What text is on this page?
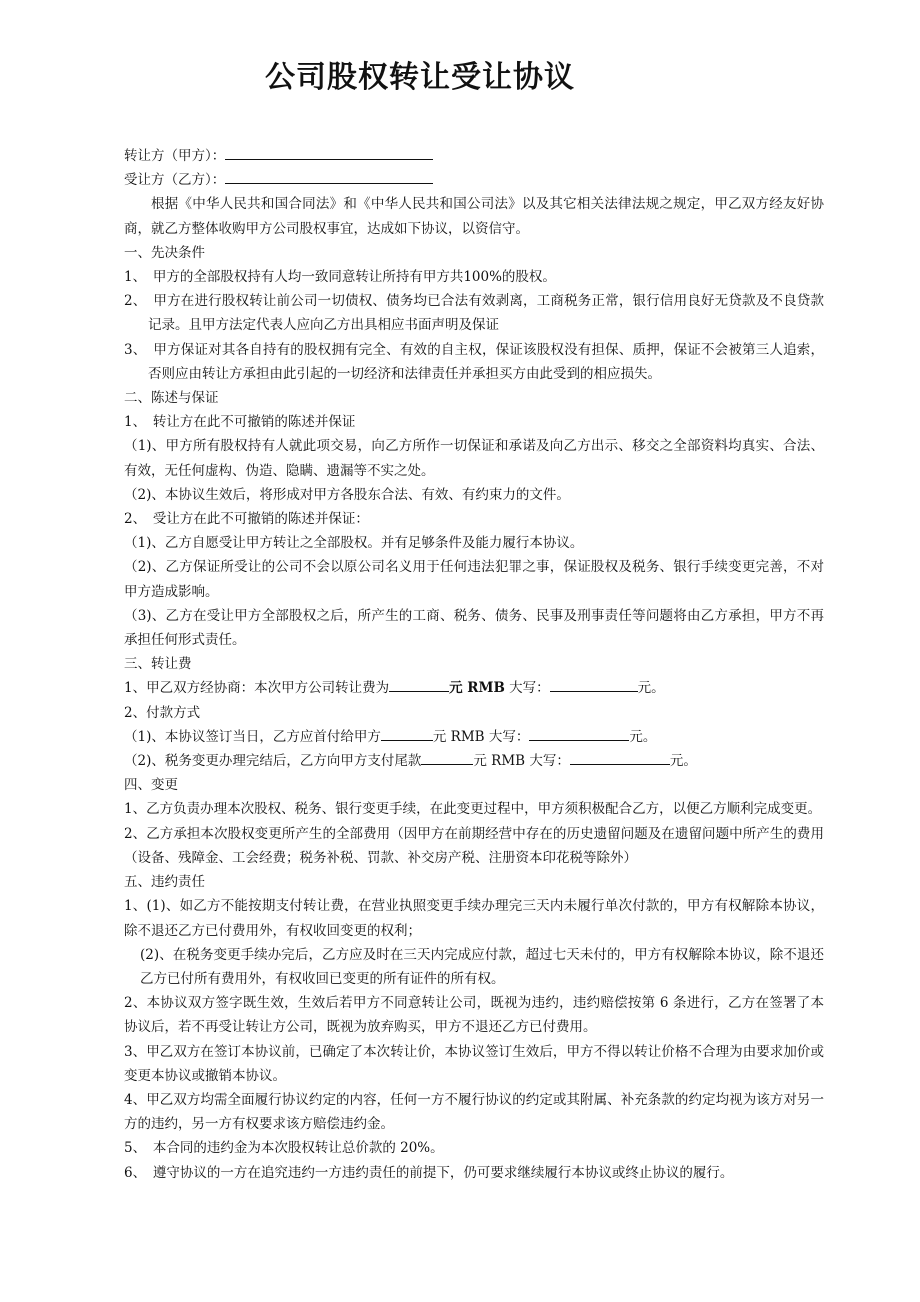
公司股权转让受让协议
转让方（甲方）：
受让方（乙方）：
根据《中华人民共和国合同法》和《中华人民共和国公司法》以及其它相关法律法规之规定，甲乙双方经友好协商，就乙方整体收购甲方公司股权事宜，达成如下协议，以资信守。
一、先决条件
1、　甲方的全部股权持有人均一致同意转让所持有甲方共100%的股权。
2、　甲方在进行股权转让前公司一切债权、债务均已合法有效剥离，工商税务正常，银行信用良好无贷款及不良贷款记录。且甲方法定代表人应向乙方出具相应书面声明及保证
3、　甲方保证对其各自持有的股权拥有完全、有效的自主权，保证该股权没有担保、质押，保证不会被第三人追索，否则应由转让方承担由此引起的一切经济和法律责任并承担买方由此受到的相应损失。
二、陈述与保证
1、　转让方在此不可撤销的陈述并保证
（1)、甲方所有股权持有人就此项交易，向乙方所作一切保证和承诺及向乙方出示、移交之全部资料均真实、合法、有效，无任何虚构、伪造、隐瞒、遗漏等不实之处。
（2)、本协议生效后，将形成对甲方各股东合法、有效、有约束力的文件。
2、　受让方在此不可撤销的陈述并保证：
（1)、乙方自愿受让甲方转让之全部股权。并有足够条件及能力履行本协议。
（2)、乙方保证所受让的公司不会以原公司名义用于任何违法犯罪之事，保证股权及税务、银行手续变更完善，不对甲方造成影响。
（3)、乙方在受让甲方全部股权之后，所产生的工商、税务、债务、民事及刑事责任等问题将由乙方承担，甲方不再承担任何形式责任。
三、转让费
1、甲乙双方经协商：本次甲方公司转让费为	元 RMB 大写：	元。
2、付款方式
（1)、本协议签订当日，乙方应首付给甲方	元 RMB 大写：	元。
（2)、税务变更办理完结后，乙方向甲方支付尾款	元 RMB 大写：	元。
四、变更
1、乙方负责办理本次股权、税务、银行变更手续，在此变更过程中，甲方须积极配合乙方，以便乙方顺利完成变更。
2、乙方承担本次股权变更所产生的全部费用（因甲方在前期经营中存在的历史遗留问题及在遗留问题中所产生的费用（设备、残障金、工会经费；税务补税、罚款、补交房产税、注册资本印花税等除外）
五、违约责任
1、(1)、如乙方不能按期支付转让费，在营业执照变更手续办理完三天内未履行单次付款的，甲方有权解除本协议，除不退还乙方已付费用外，有权收回变更的权利；
(2)、在税务变更手续办完后，乙方应及时在三天内完成应付款，超过七天未付的，甲方有权解除本协议，除不退还乙方已付所有费用外，有权收回已变更的所有证件的所有权。
2、本协议双方签字既生效，生效后若甲方不同意转让公司，既视为违约，违约赔偿按第 6 条进行，乙方在签署了本协议后，若不再受让转让方公司，既视为放弃购买，甲方不退还乙方已付费用。
3、甲乙双方在签订本协议前，已确定了本次转让价，本协议签订生效后，甲方不得以转让价格不合理为由要求加价或变更本协议或撤销本协议。
4、甲乙双方均需全面履行协议约定的内容，任何一方不履行协议的约定或其附属、补充条款的约定均视为该方对另一方的违约，另一方有权要求该方赔偿违约金。
5、　本合同的违约金为本次股权转让总价款的 20%。
6、　遵守协议的一方在追究违约一方违约责任的前提下，仍可要求继续履行本协议或终止协议的履行。
